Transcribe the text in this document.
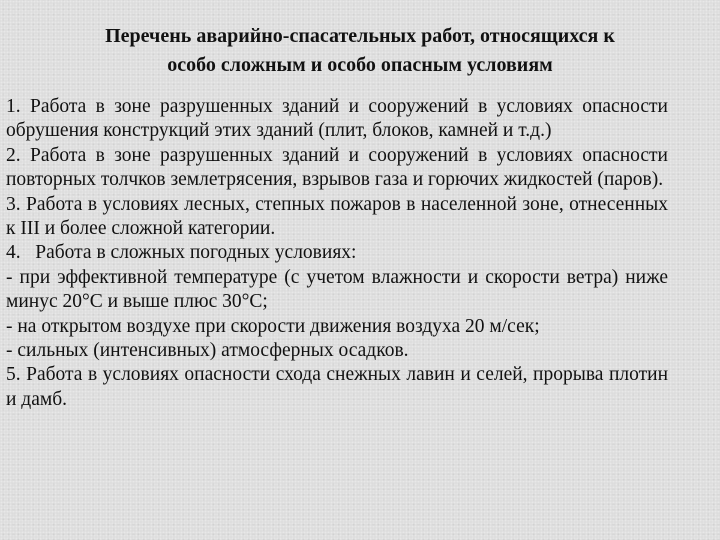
Перечень аварийно-спасательных работ, относящихся к
особо сложным и особо опасным условиям

1. Работа в зоне разрушенных зданий и сооружений в условиях опасности обрушения конструкций этих зданий (плит, блоков, камней и т.д.)

2. Работа в зоне разрушенных зданий и сооружений в условиях опасности повторных толчков землетрясения, взрывов газа и горючих жидкостей (паров).

3. Работа в условиях лесных, степных пожаров в населенной зоне, отнесенных к III и более сложной категории.

4.   Работа в сложных погодных условиях:

- при эффективной температуре (с учетом влажности и скорости ветра) ниже минус 20°С и выше плюс 30°С;

- на открытом воздухе при скорости движения воздуха 20 м/сек;

- сильных (интенсивных) атмосферных осадков.

5. Работа в условиях опасности схода снежных лавин и селей, прорыва плотин и дамб.
